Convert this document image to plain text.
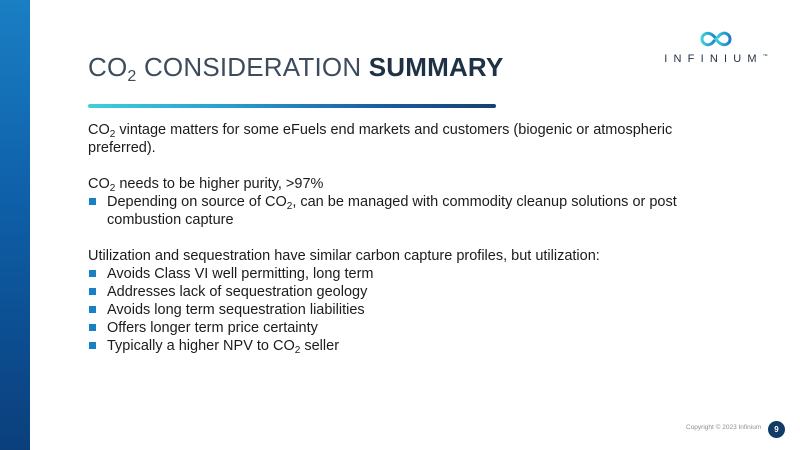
$CO_2$ CONSIDERATION SUMMARY	INFINIUM™

$CO_2$ vintage matters for some eFuels end markets and customers (biogenic or atmospheric preferred).

$CO_2$ needs to be higher purity, >97%

Depending on source of $CO_2$, can be managed with commodity cleanup solutions or post combustion capture

Utilization and sequestration have similar carbon capture profiles, but utilization:

Avoids Class VI well permitting, long term
Addresses lack of sequestration geology
Avoids long term sequestration liabilities
Offers longer term price certainty
Typically a higher NPV to $CO_2$ seller
Copyright © 2023 Infinium	9
